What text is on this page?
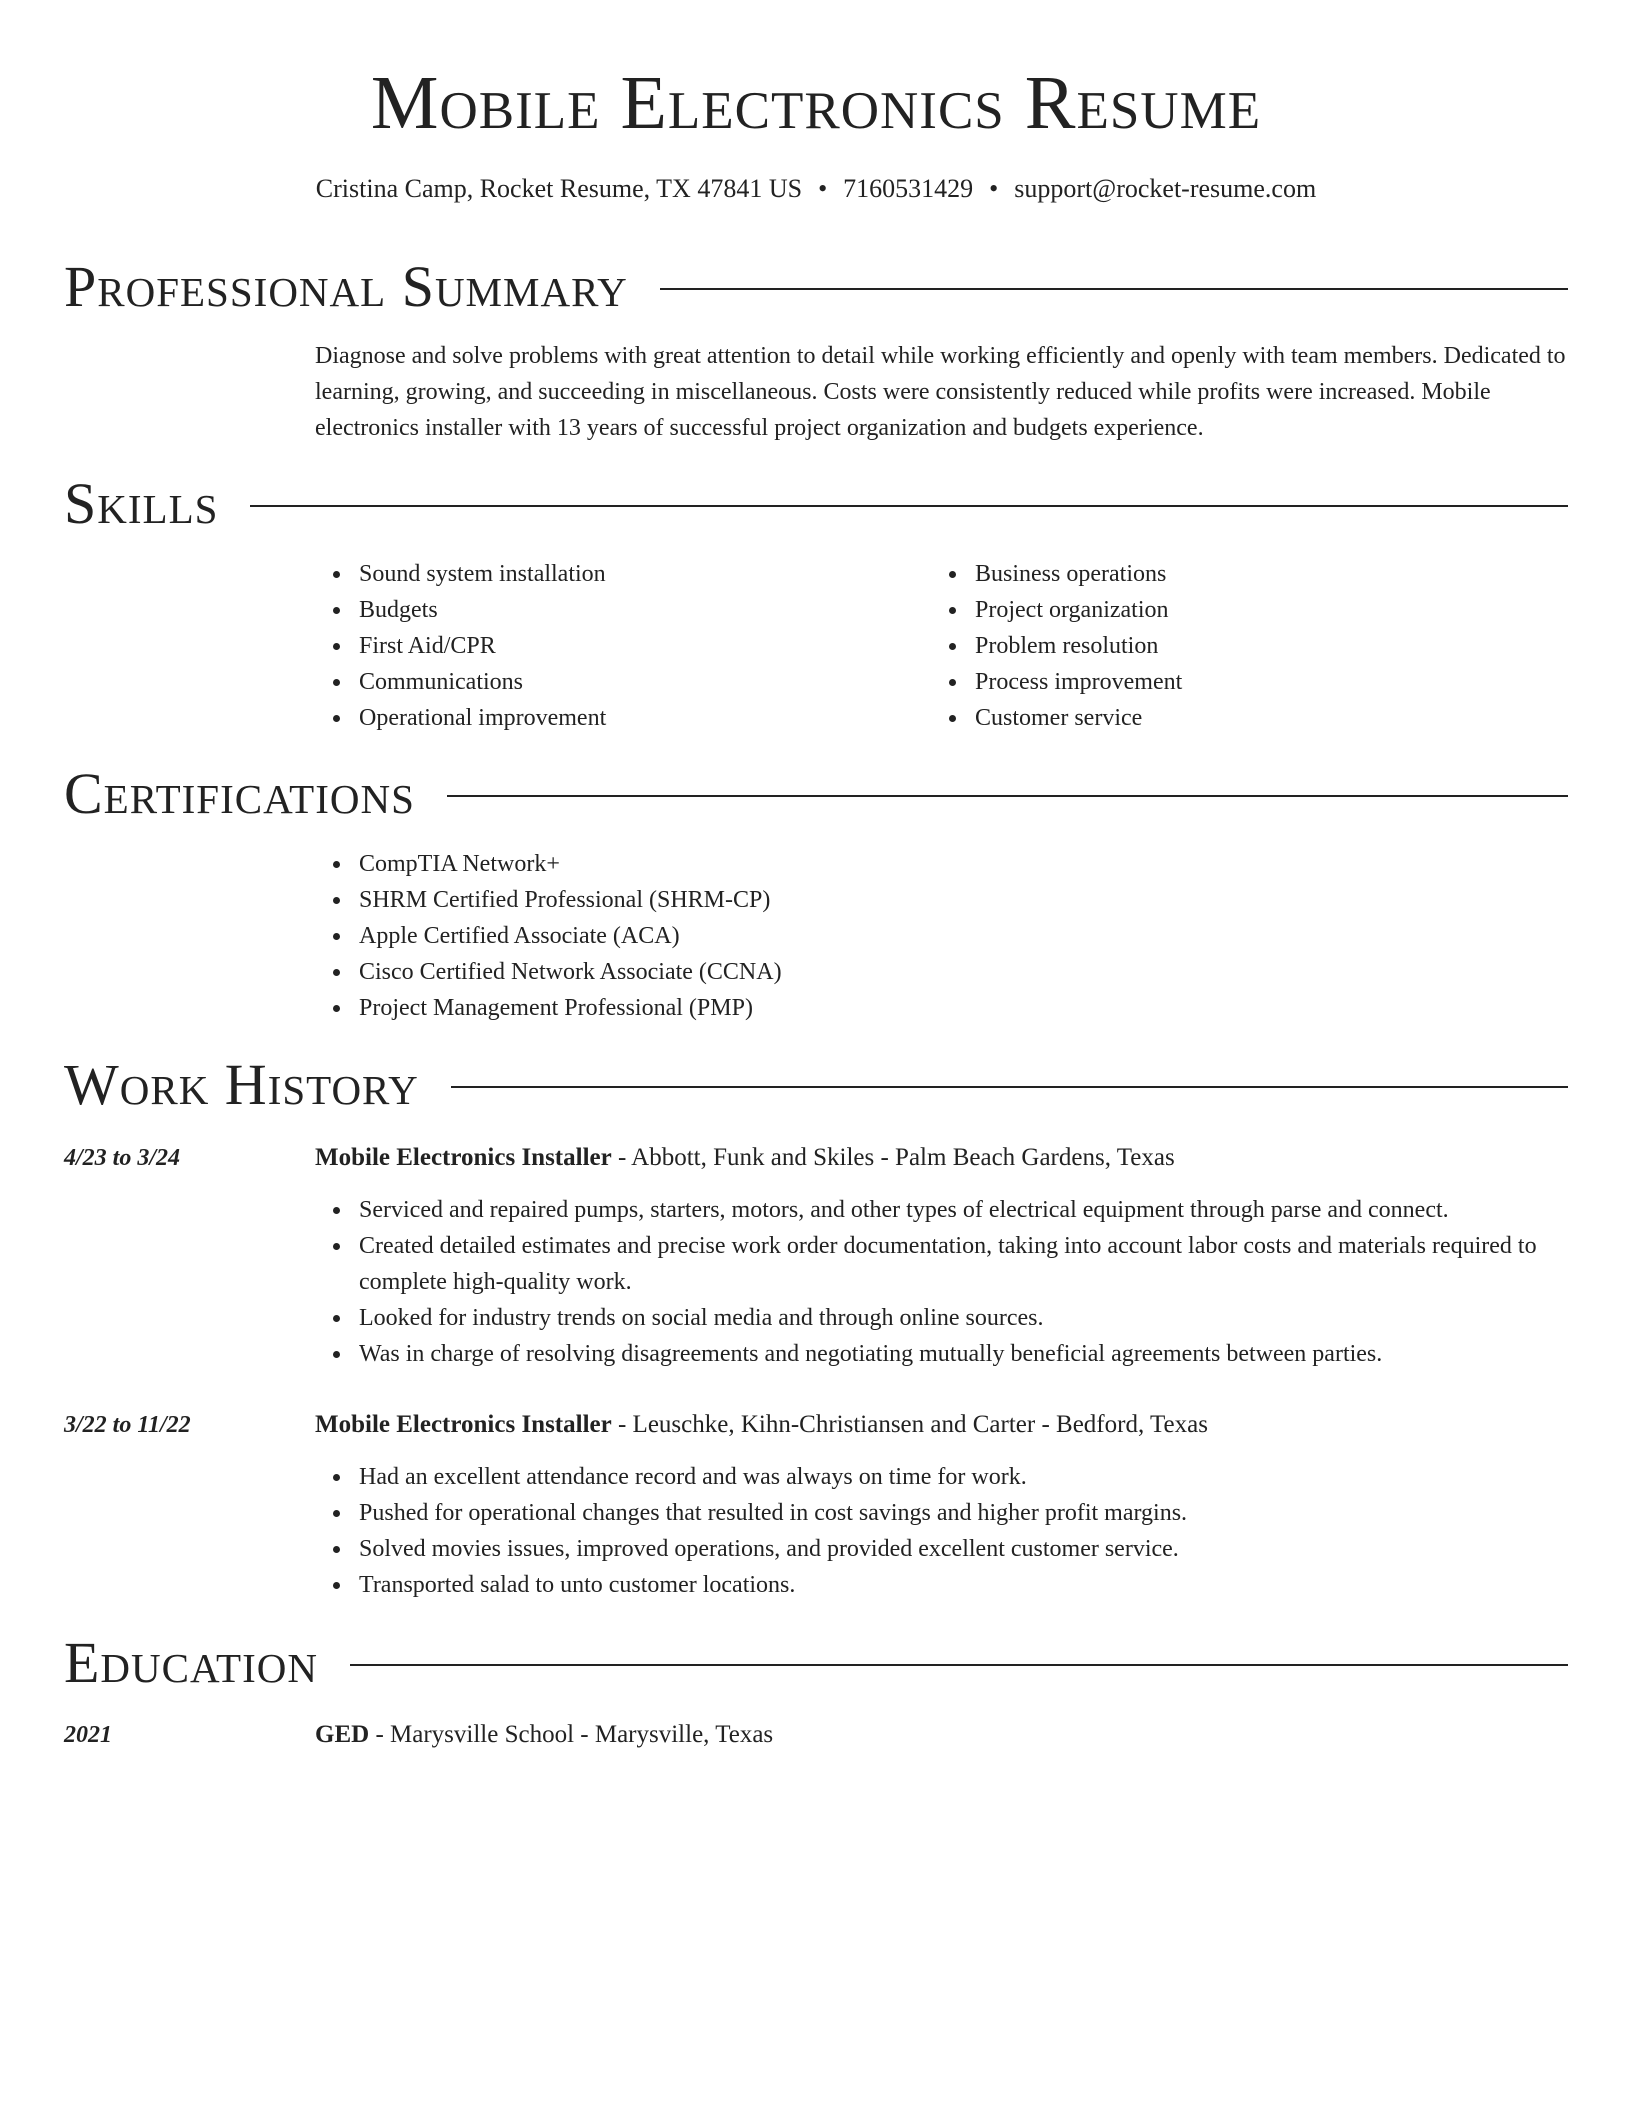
Mobile Electronics Resume
Cristina Camp, Rocket Resume, TX 47841 US • 7160531429 • support@rocket-resume.com
Professional Summary

Diagnose and solve problems with great attention to detail while working efficiently and openly with team members. Dedicated to learning, growing, and succeeding in miscellaneous. Costs were consistently reduced while profits were increased. Mobile electronics installer with 13 years of successful project organization and budgets experience.

Skills
Sound system installation
Budgets
First Aid/CPR
Communications
Operational improvement
Business operations
Project organization
Problem resolution
Process improvement
Customer service
Certifications
CompTIA Network+
SHRM Certified Professional (SHRM-CP)
Apple Certified Associate (ACA)
Cisco Certified Network Associate (CCNA)
Project Management Professional (PMP)
Work History
4/23 to 3/24	Mobile Electronics Installer - Abbott, Funk and Skiles - Palm Beach Gardens, Texas
Serviced and repaired pumps, starters, motors, and other types of electrical equipment through parse and connect.
Created detailed estimates and precise work order documentation, taking into account labor costs and materials required to complete high-quality work.
Looked for industry trends on social media and through online sources.
Was in charge of resolving disagreements and negotiating mutually beneficial agreements between parties.
3/22 to 11/22	Mobile Electronics Installer - Leuschke, Kihn-Christiansen and Carter - Bedford, Texas
Had an excellent attendance record and was always on time for work.
Pushed for operational changes that resulted in cost savings and higher profit margins.
Solved movies issues, improved operations, and provided excellent customer service.
Transported salad to unto customer locations.
Education
2021	GED - Marysville School - Marysville, Texas
